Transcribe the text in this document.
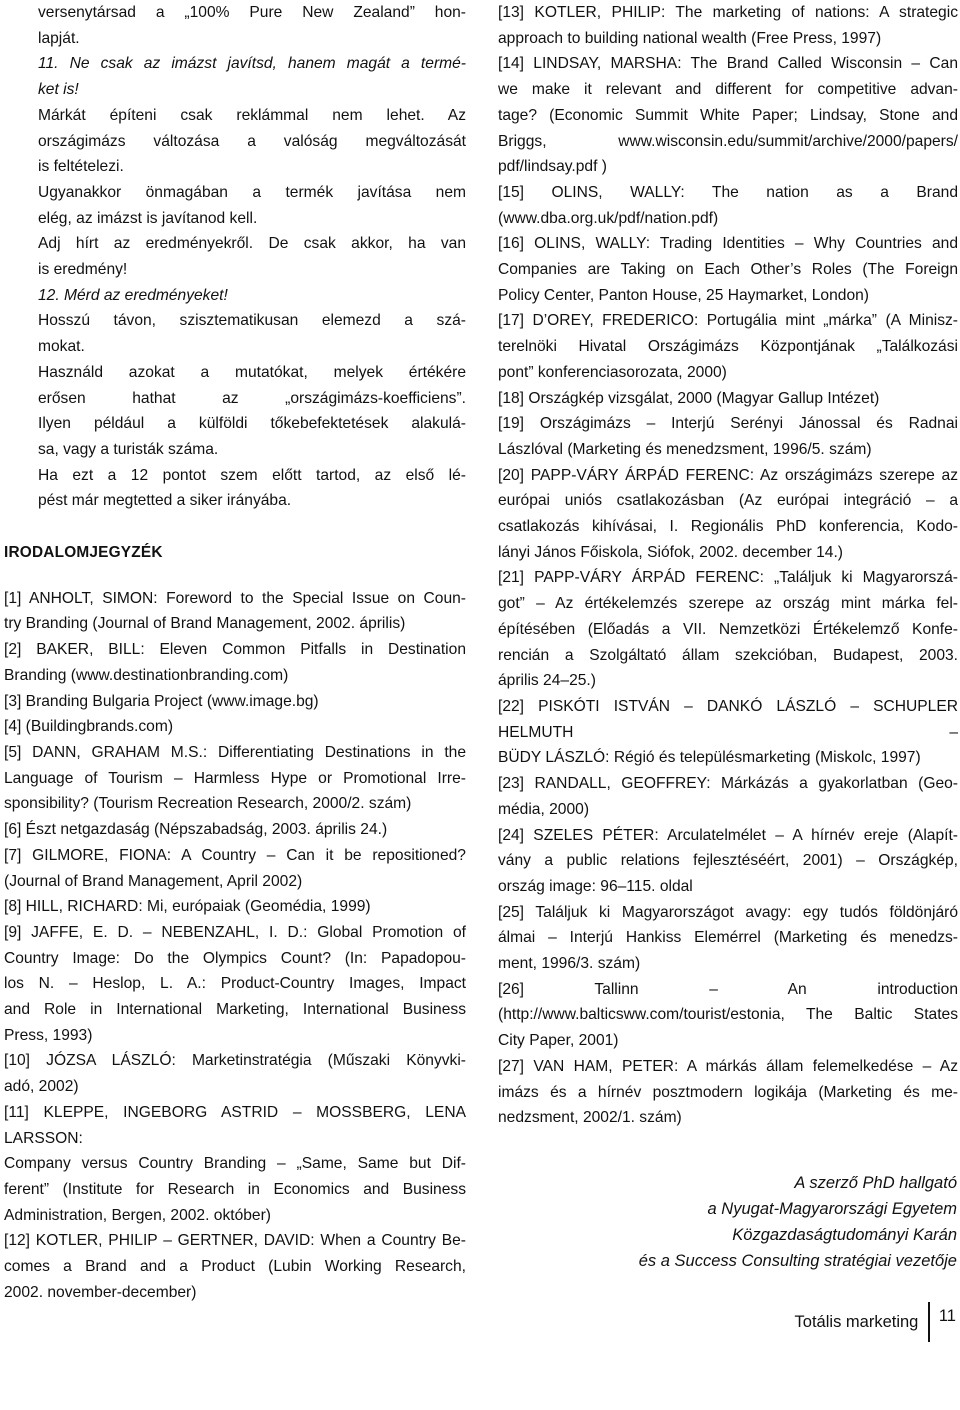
versenytársad a „100% Pure New Zealand” hon-

lapját.

11. Ne csak az imázst javítsd, hanem magát a termé-

ket is!

Márkát építeni csak reklámmal nem lehet. Az

országimázs változása a valóság megváltozását

is feltételezi.

Ugyanakkor önmagában a termék javítása nem

elég, az imázst is javítanod kell.

Adj hírt az eredményekről. De csak akkor, ha van

is eredmény!

12. Mérd az eredményeket!

Hosszú távon, szisztematikusan elemezd a szá-

mokat.

Használd azokat a mutatókat, melyek értékére

erősen hathat az „országimázs-koefficiens”.

Ilyen például a külföldi tőkebefektetések alakulá-

sa, vagy a turisták száma.

Ha ezt a 12 pontot szem előtt tartod, az első lé-

pést már megtetted a siker irányába.

IRODALOMJEGYZÉK

[1] ANHOLT, SIMON: Foreword to the Special Issue on Coun-

try Branding (Journal of Brand Management, 2002. április)

[2] BAKER, BILL: Eleven Common Pitfalls in Destination

Branding (www.destinationbranding.com)

[3] Branding Bulgaria Project (www.image.bg)

[4] (Buildingbrands.com)

[5] DANN, GRAHAM M.S.: Differentiating Destinations in the

Language of Tourism – Harmless Hype or Promotional Irre-

sponsibility? (Tourism Recreation Research, 2000/2. szám)

[6] Észt netgazdaság (Népszabadság, 2003. április 24.)

[7] GILMORE, FIONA: A Country – Can it be repositioned?

(Journal of Brand Management, April 2002)

[8] HILL, RICHARD: Mi, európaiak (Geomédia, 1999)

[9] JAFFE, E. D. – NEBENZAHL, I. D.: Global Promotion of

Country Image: Do the Olympics Count? (In: Papadopou-

los N. – Heslop, L. A.: Product-Country Images, Impact

and Role in International Marketing, International Business

Press, 1993)

[10] JÓZSA LÁSZLÓ: Marketinstratégia (Műszaki Könyvki-

adó, 2002)

[11] KLEPPE, INGEBORG ASTRID – MOSSBERG, LENA LARSSON:

Company versus Country Branding – „Same, Same but Dif-

ferent” (Institute for Research in Economics and Business

Administration, Bergen, 2002. október)

[12] KOTLER, PHILIP – GERTNER, DAVID: When a Country Be-

comes a Brand and a Product (Lubin Working Research,

2002. november-december)

[13] KOTLER, PHILIP: The marketing of nations: A strategic

approach to building national wealth (Free Press, 1997)

[14] LINDSAY, MARSHA: The Brand Called Wisconsin – Can

we make it relevant and different for competitive advan-

tage? (Economic Summit White Paper; Lindsay, Stone and

Briggs, www.wisconsin.edu/summit/archive/2000/papers/

pdf/lindsay.pdf )

[15] OLINS, WALLY: The nation as a Brand

(www.dba.org.uk/pdf/nation.pdf)

[16] OLINS, WALLY: Trading Identities – Why Countries and

Companies are Taking on Each Other’s Roles (The Foreign

Policy Center, Panton House, 25 Haymarket, London)

[17] D’OREY, FREDERICO: Portugália mint „márka” (A Minisz-

terelnöki Hivatal Országimázs Központjának „Találkozási

pont” konferenciasorozata, 2000)

[18] Országkép vizsgálat, 2000 (Magyar Gallup Intézet)

[19] Országimázs – Interjú Serényi Jánossal és Radnai

Lászlóval (Marketing és menedzsment, 1996/5. szám)

[20] PAPP-VÁRY ÁRPÁD FERENC: Az országimázs szerepe az

európai uniós csatlakozásban (Az európai integráció – a

csatlakozás kihívásai, I. Regionális PhD konferencia, Kodo-

lányi János Főiskola, Siófok, 2002. december 14.)

[21] PAPP-VÁRY ÁRPÁD FERENC: „Találjuk ki Magyarorszá-

got” – Az értékelemzés szerepe az ország mint márka fel-

építésében (Előadás a VII. Nemzetközi Értékelemző Konfe-

rencián a Szolgáltató állam szekcióban, Budapest, 2003.

április 24–25.)

[22] PISKÓTI ISTVÁN – DANKÓ LÁSZLÓ – SCHUPLER HELMUTH –

BÜDY LÁSZLÓ: Régió és településmarketing (Miskolc, 1997)

[23] RANDALL, GEOFFREY: Márkázás a gyakorlatban (Geo-

média, 2000)

[24] SZELES PÉTER: Arculatelmélet – A hírnév ereje (Alapít-

vány a public relations fejlesztéséért, 2001) – Országkép,

ország image: 96–115. oldal

[25] Találjuk ki Magyarországot avagy: egy tudós földönjáró

álmai – Interjú Hankiss Elemérrel (Marketing és menedzs-

ment, 1996/3. szám)

[26] Tallinn – An introduction

(http://www.balticsww.com/tourist/estonia, The Baltic States

City Paper, 2001)

[27] VAN HAM, PETER: A márkás állam felemelkedése – Az

imázs és a hírnév posztmodern logikája (Marketing és me-

nedzsment, 2002/1. szám)

A szerző PhD hallgató

a Nyugat-Magyarországi Egyetem

Közgazdaságtudományi Karán

és a Success Consulting stratégiai vezetője

Totális marketing	11
